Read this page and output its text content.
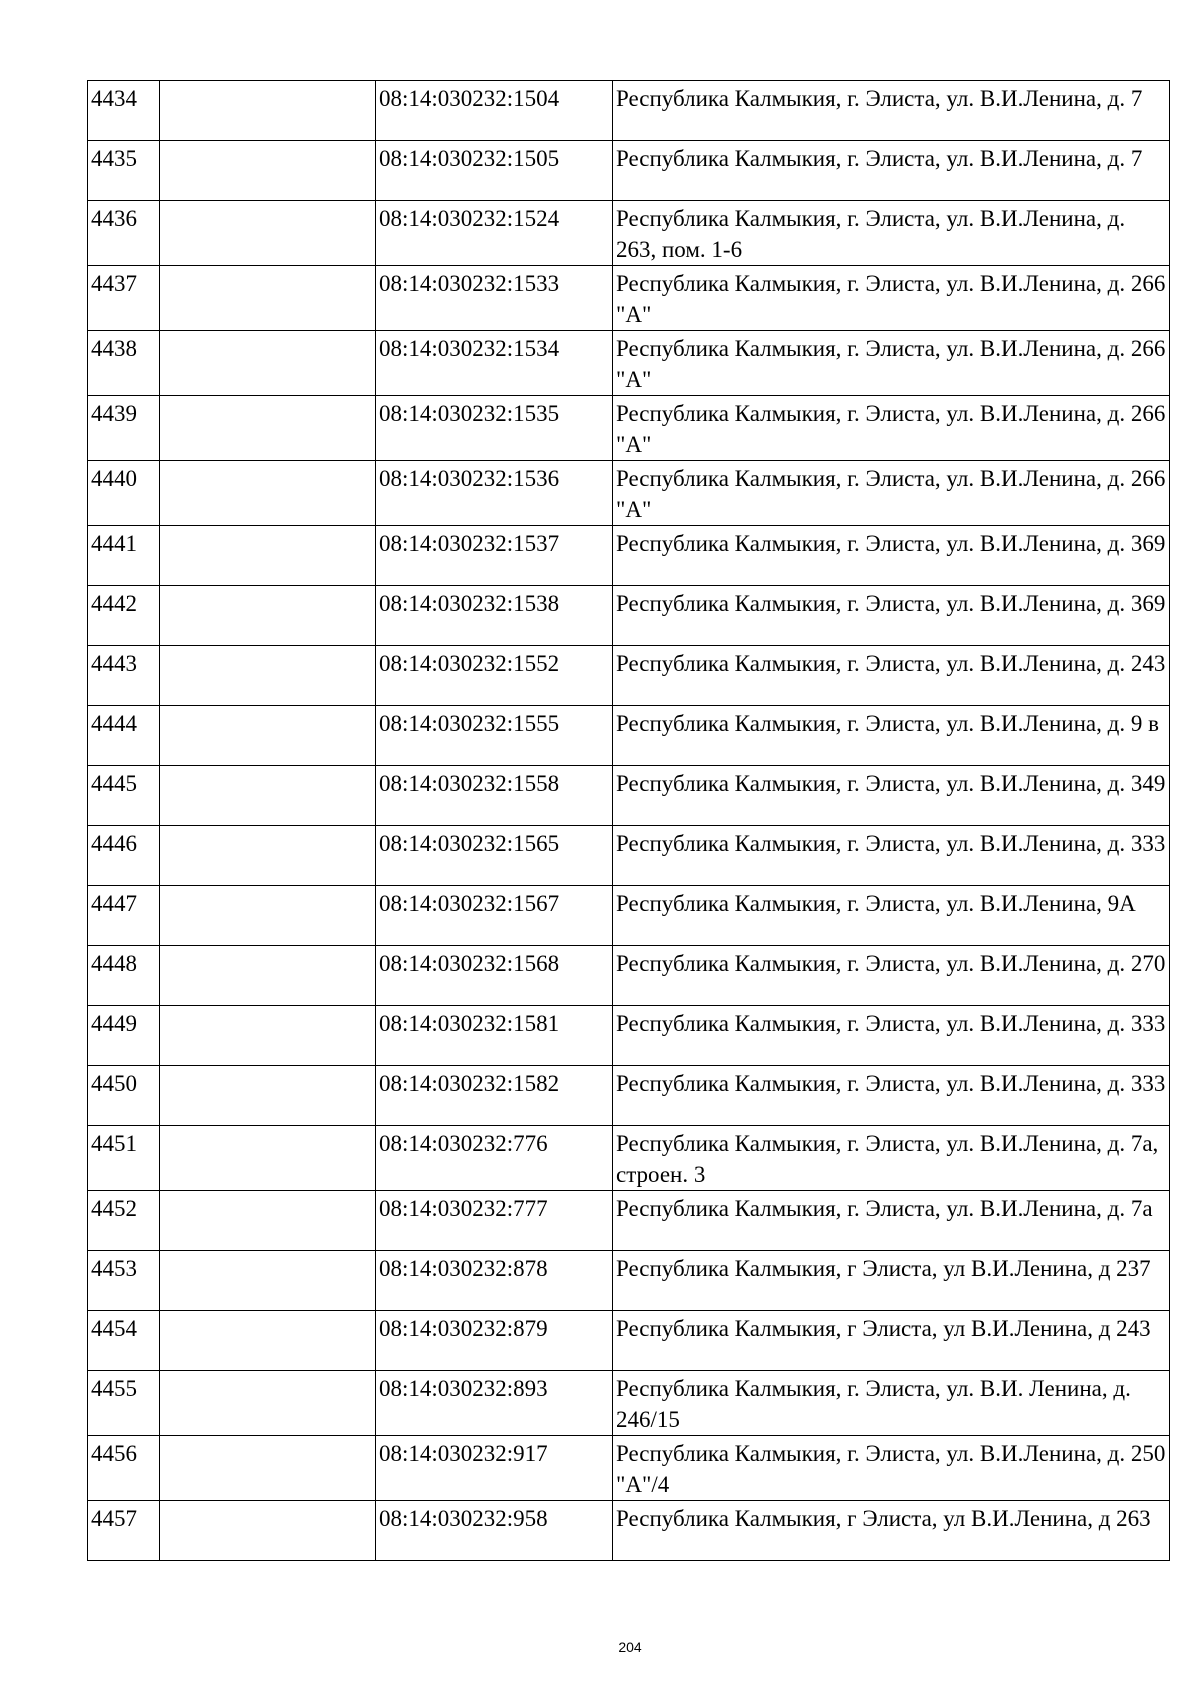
4434		08:14:030232:1504	Республика Калмыкия, г. Элиста, ул. В.И.Ленина, д. 7
4435		08:14:030232:1505	Республика Калмыкия, г. Элиста, ул. В.И.Ленина, д. 7
4436		08:14:030232:1524	Республика Калмыкия, г. Элиста, ул. В.И.Ленина, д. 263, пом. 1-6
4437		08:14:030232:1533	Республика Калмыкия, г. Элиста, ул. В.И.Ленина, д. 266 "А"
4438		08:14:030232:1534	Республика Калмыкия, г. Элиста, ул. В.И.Ленина, д. 266 "А"
4439		08:14:030232:1535	Республика Калмыкия, г. Элиста, ул. В.И.Ленина, д. 266 "А"
4440		08:14:030232:1536	Республика Калмыкия, г. Элиста, ул. В.И.Ленина, д. 266 "А"
4441		08:14:030232:1537	Республика Калмыкия, г. Элиста, ул. В.И.Ленина, д. 369
4442		08:14:030232:1538	Республика Калмыкия, г. Элиста, ул. В.И.Ленина, д. 369
4443		08:14:030232:1552	Республика Калмыкия, г. Элиста, ул. В.И.Ленина, д. 243
4444		08:14:030232:1555	Республика Калмыкия, г. Элиста, ул. В.И.Ленина, д. 9 в
4445		08:14:030232:1558	Республика Калмыкия, г. Элиста, ул. В.И.Ленина, д. 349
4446		08:14:030232:1565	Республика Калмыкия, г. Элиста, ул. В.И.Ленина, д. 333
4447		08:14:030232:1567	Республика Калмыкия, г. Элиста, ул. В.И.Ленина, 9А
4448		08:14:030232:1568	Республика Калмыкия, г. Элиста, ул. В.И.Ленина, д. 270
4449		08:14:030232:1581	Республика Калмыкия, г. Элиста, ул. В.И.Ленина, д. 333
4450		08:14:030232:1582	Республика Калмыкия, г. Элиста, ул. В.И.Ленина, д. 333
4451		08:14:030232:776	Республика Калмыкия, г. Элиста, ул. В.И.Ленина, д. 7а, строен. 3
4452		08:14:030232:777	Республика Калмыкия, г. Элиста, ул. В.И.Ленина, д. 7а
4453		08:14:030232:878	Республика Калмыкия, г Элиста, ул В.И.Ленина, д 237
4454		08:14:030232:879	Республика Калмыкия, г Элиста, ул В.И.Ленина, д 243
4455		08:14:030232:893	Республика Калмыкия, г. Элиста, ул. В.И. Ленина, д. 246/15
4456		08:14:030232:917	Республика Калмыкия, г. Элиста, ул. В.И.Ленина, д. 250 "А"/4
4457		08:14:030232:958	Республика Калмыкия, г Элиста, ул В.И.Ленина, д 263
204
